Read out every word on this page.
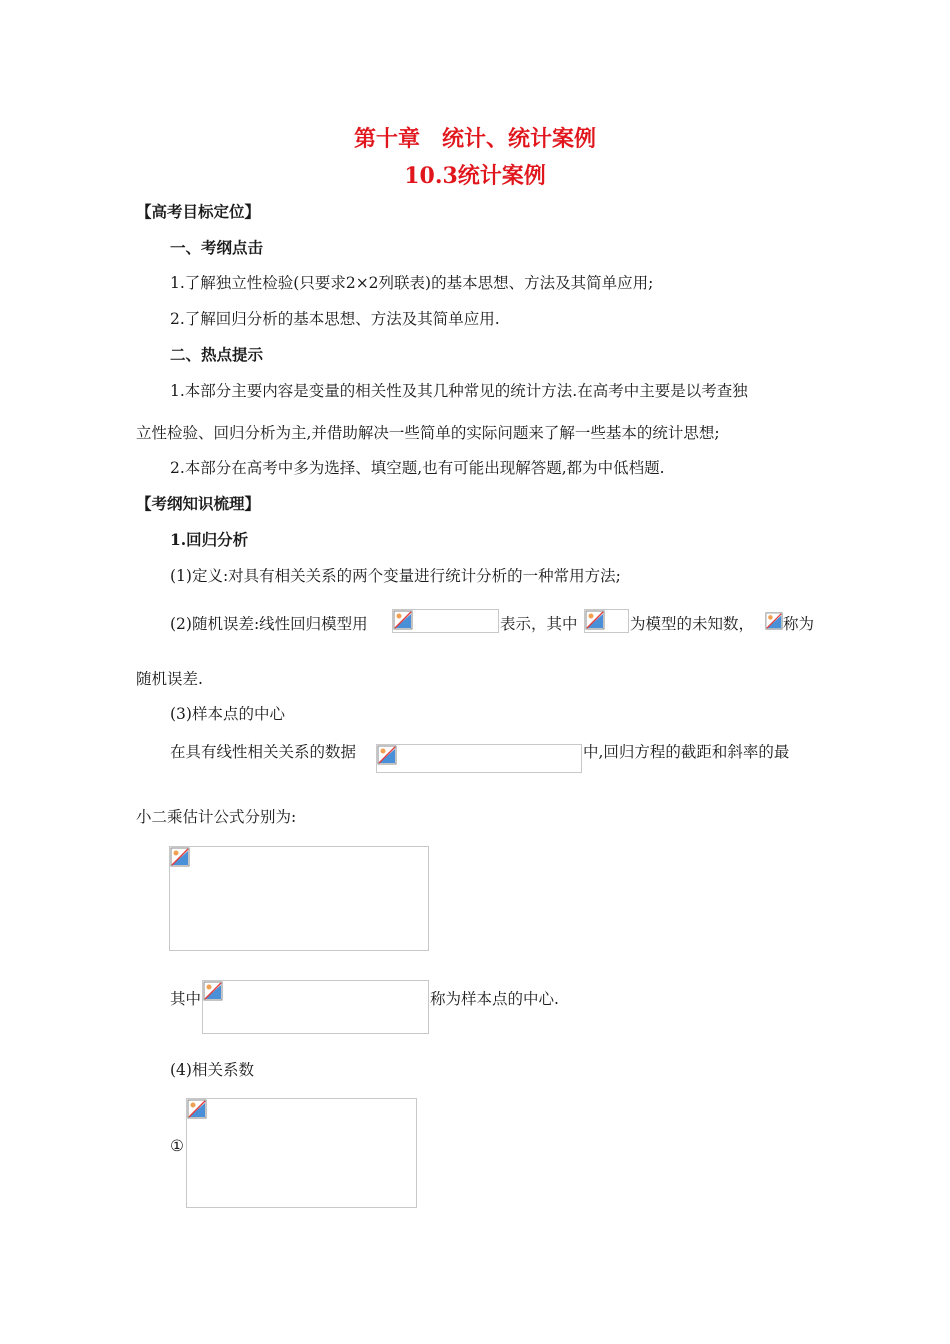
第十章　统计、统计案例
10.3统计案例
【高考目标定位】
一、考纲点击
1.了解独立性检验(只要求2×2列联表)的基本思想、方法及其简单应用;
2.了解回归分析的基本思想、方法及其简单应用.
二、热点提示
1.本部分主要内容是变量的相关性及其几种常见的统计方法.在高考中主要是以考查独
立性检验、回归分析为主,并借助解决一些简单的实际问题来了解一些基本的统计思想;
2.本部分在高考中多为选择、填空题,也有可能出现解答题,都为中低档题.
【考纲知识梳理】
1.回归分析
(1)定义:对具有相关关系的两个变量进行统计分析的一种常用方法;
(2)随机误差:线性回归模型用	表示，其中	为模型的未知数， 称为
随机误差.
(3)样本点的中心
在具有线性相关关系的数据	中,回归方程的截距和斜率的最
小二乘估计公式分别为:
其中	称为样本点的中心.
(4)相关系数
①
